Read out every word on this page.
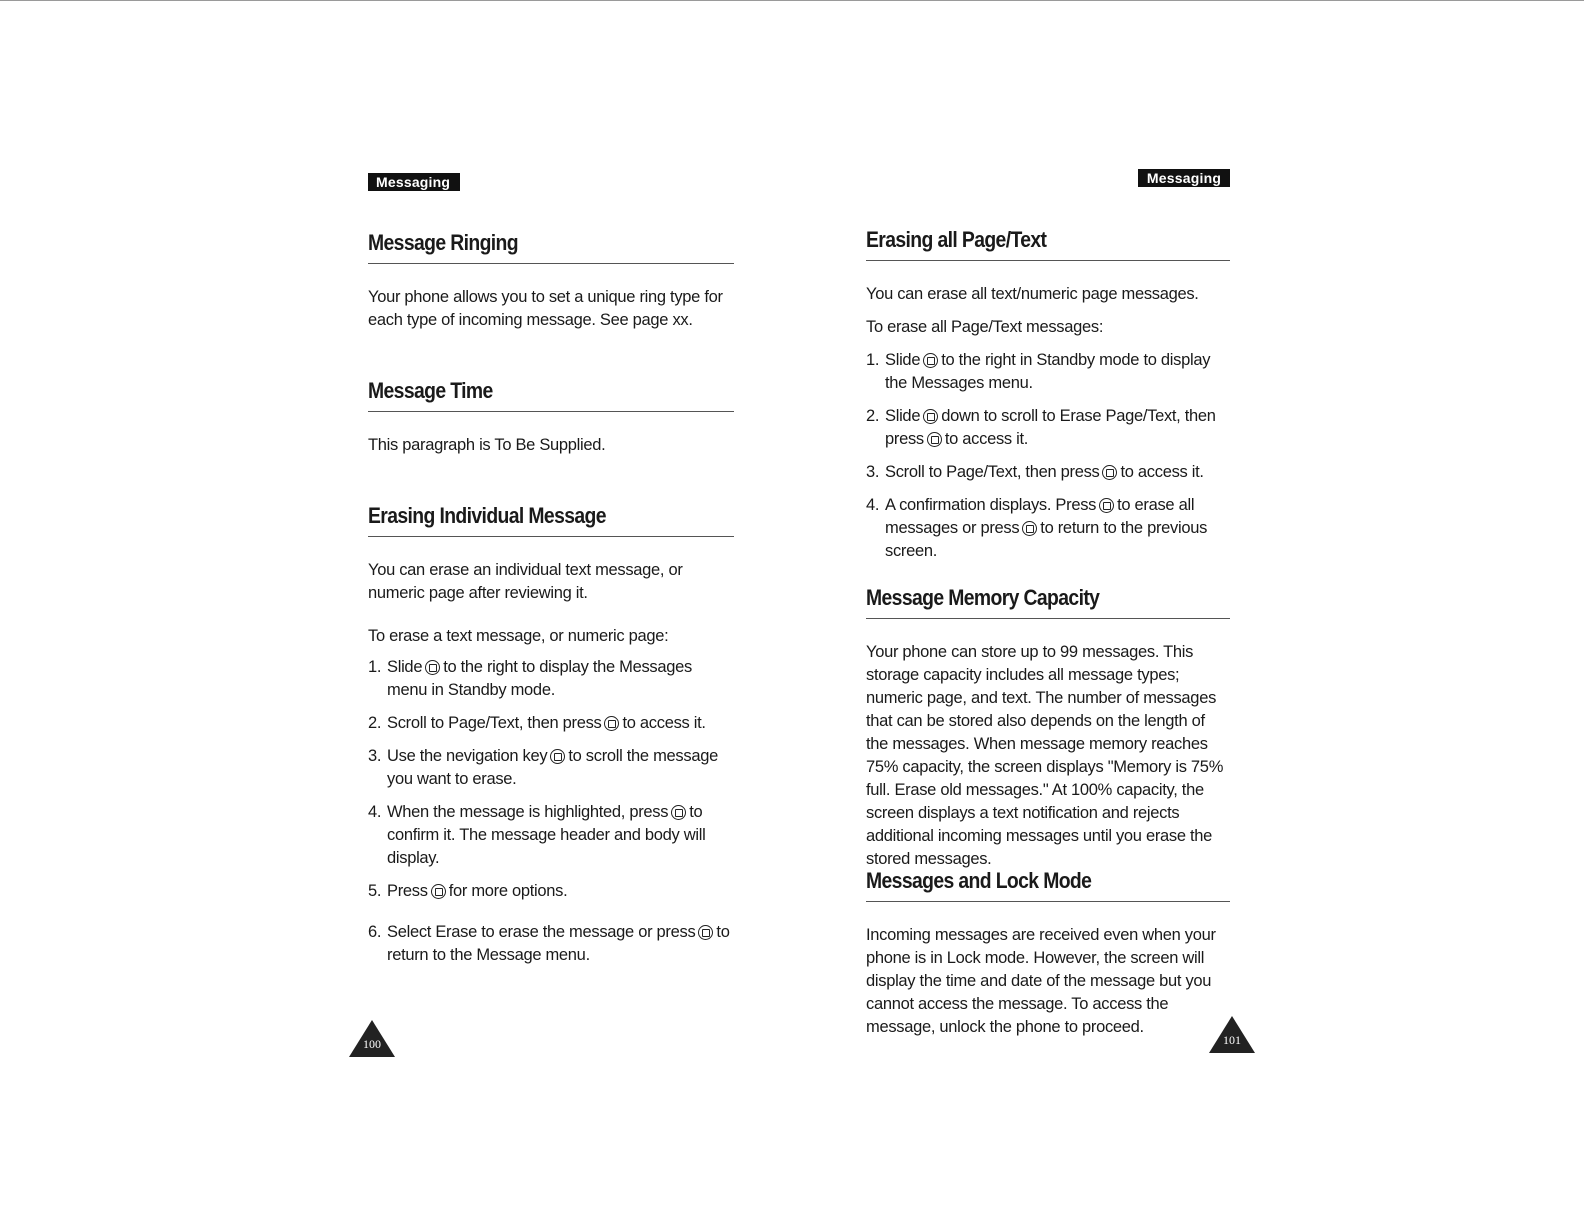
Messaging
Message Ringing

Your phone allows you to set a unique ring type for each type of incoming message. See page xx.

Message Time

This paragraph is To Be Supplied.

Erasing Individual Message

You can erase an individual text message, or numeric page after reviewing it.

To erase a text message, or numeric page:

1. Slide to the right to display the Messages menu in Standby mode.
2. Scroll to Page/Text, then press to access it.
3. Use the nevigation key to scroll the message you want to erase.
4. When the message is highlighted, press to confirm it. The message header and body will display.
5. Press for more options.
6. Select Erase to erase the message or press to return to the Message menu.
100
Messaging
Erasing all Page/Text

You can erase all text/numeric page messages.

To erase all Page/Text messages:

1. Slide to the right in Standby mode to display the Messages menu.
2. Slide down to scroll to Erase Page/Text, then press to access it.
3. Scroll to Page/Text, then press to access it.
4. A confirmation displays. Press to erase all messages or press to return to the previous screen.
Message Memory Capacity

Your phone can store up to 99 messages. This storage capacity includes all message types; numeric page, and text. The number of messages that can be stored also depends on the length of the messages. When message memory reaches 75% capacity, the screen displays "Memory is 75% full. Erase old messages." At 100% capacity, the screen displays a text notification and rejects additional incoming messages until you erase the stored messages.

Messages and Lock Mode

Incoming messages are received even when your phone is in Lock mode. However, the screen will display the time and date of the message but you cannot access the message. To access the message, unlock the phone to proceed.

101
